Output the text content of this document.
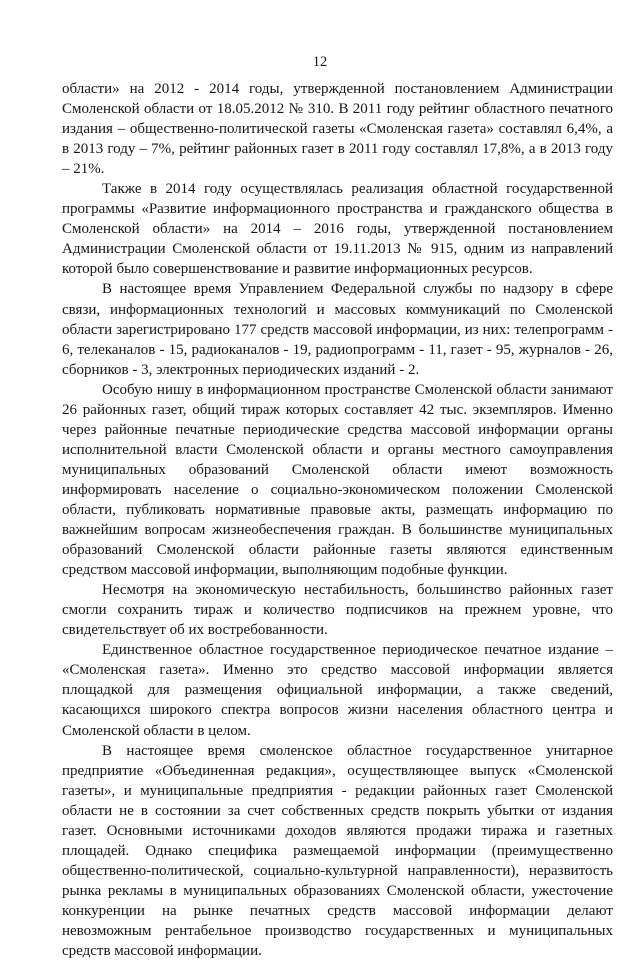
12

области» на 2012 - 2014 годы, утвержденной постановлением Администрации Смоленской области от 18.05.2012 № 310. В 2011 году рейтинг областного печатного издания – общественно-политической газеты «Смоленская газета» составлял 6,4%, а в 2013 году – 7%, рейтинг районных газет в 2011 году составлял 17,8%, а в 2013 году – 21%.

Также в 2014 году осуществлялась реализация областной государственной программы «Развитие информационного пространства и гражданского общества в Смоленской области» на 2014 – 2016 годы, утвержденной постановлением Администрации Смоленской области от 19.11.2013 № 915, одним из направлений которой было совершенствование и развитие информационных ресурсов.

В настоящее время Управлением Федеральной службы по надзору в сфере связи, информационных технологий и массовых коммуникаций по Смоленской области зарегистрировано 177 средств массовой информации, из них: телепрограмм - 6, телеканалов - 15, радиоканалов - 19, радиопрограмм - 11, газет - 95, журналов - 26, сборников - 3, электронных периодических изданий - 2.

Особую нишу в информационном пространстве Смоленской области занимают 26 районных газет, общий тираж которых составляет 42 тыс. экземпляров. Именно через районные печатные периодические средства массовой информации органы исполнительной власти Смоленской области и органы местного самоуправления муниципальных образований Смоленской области имеют возможность информировать население о социально-экономическом положении Смоленской области, публиковать нормативные правовые акты, размещать информацию по важнейшим вопросам жизнеобеспечения граждан. В большинстве муниципальных образований Смоленской области районные газеты являются единственным средством массовой информации, выполняющим подобные функции.

Несмотря на экономическую нестабильность, большинство районных газет смогли сохранить тираж и количество подписчиков на прежнем уровне, что свидетельствует об их востребованности.

Единственное областное государственное периодическое печатное издание – «Смоленская газета». Именно это средство массовой информации является площадкой для размещения официальной информации, а также сведений, касающихся широкого спектра вопросов жизни населения областного центра и Смоленской области в целом.

В настоящее время смоленское областное государственное унитарное предприятие «Объединенная редакция», осуществляющее выпуск «Смоленской газеты», и муниципальные предприятия - редакции районных газет Смоленской области не в состоянии за счет собственных средств покрыть убытки от издания газет. Основными источниками доходов являются продажи тиража и газетных площадей. Однако специфика размещаемой информации (преимущественно общественно-политической, социально-культурной направленности), неразвитость рынка рекламы в муниципальных образованиях Смоленской области, ужесточение конкуренции на рынке печатных средств массовой информации делают невозможным рентабельное производство государственных и муниципальных средств массовой информации.
